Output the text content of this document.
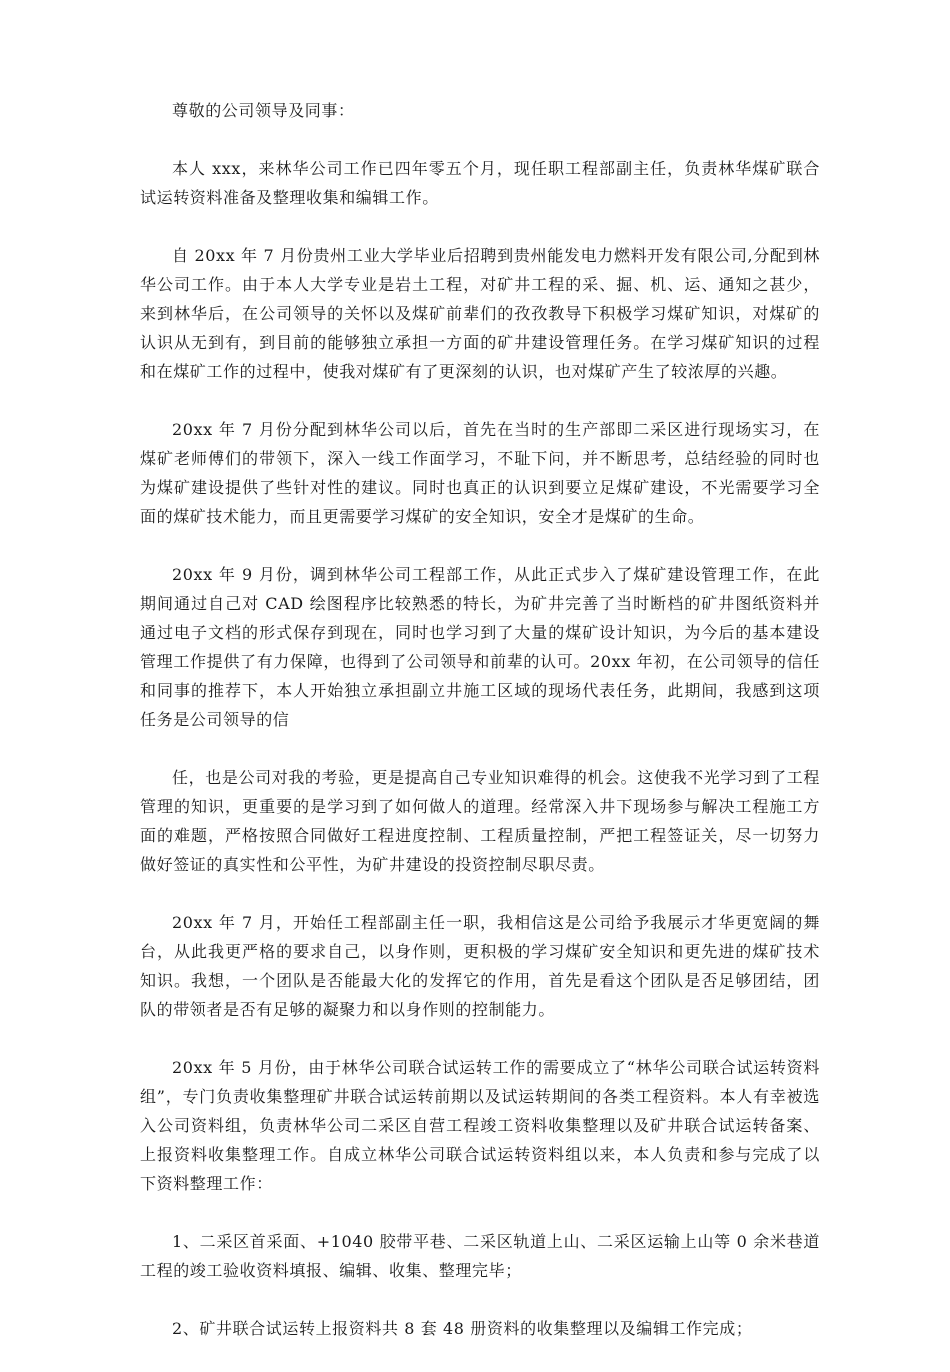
尊敬的公司领导及同事：

本人 xxx，来林华公司工作已四年零五个月，现任职工程部副主任，负责林华煤矿联合试运转资料准备及整理收集和编辑工作。

自 20xx 年 7 月份贵州工业大学毕业后招聘到贵州能发电力燃料开发有限公司,分配到林华公司工作。由于本人大学专业是岩土工程，对矿井工程的采、掘、机、运、通知之甚少，来到林华后，在公司领导的关怀以及煤矿前辈们的孜孜教导下积极学习煤矿知识，对煤矿的认识从无到有，到目前的能够独立承担一方面的矿井建设管理任务。在学习煤矿知识的过程和在煤矿工作的过程中，使我对煤矿有了更深刻的认识，也对煤矿产生了较浓厚的兴趣。

20xx 年 7 月份分配到林华公司以后，首先在当时的生产部即二采区进行现场实习，在煤矿老师傅们的带领下，深入一线工作面学习，不耻下问，并不断思考，总结经验的同时也为煤矿建设提供了些针对性的建议。同时也真正的认识到要立足煤矿建设，不光需要学习全面的煤矿技术能力，而且更需要学习煤矿的安全知识，安全才是煤矿的生命。

20xx 年 9 月份，调到林华公司工程部工作，从此正式步入了煤矿建设管理工作，在此期间通过自己对 CAD 绘图程序比较熟悉的特长，为矿井完善了当时断档的矿井图纸资料并通过电子文档的形式保存到现在，同时也学习到了大量的煤矿设计知识，为今后的基本建设管理工作提供了有力保障，也得到了公司领导和前辈的认可。20xx 年初，在公司领导的信任和同事的推荐下，本人开始独立承担副立井施工区域的现场代表任务，此期间，我感到这项任务是公司领导的信

任，也是公司对我的考验，更是提高自己专业知识难得的机会。这使我不光学习到了工程管理的知识，更重要的是学习到了如何做人的道理。经常深入井下现场参与解决工程施工方面的难题，严格按照合同做好工程进度控制、工程质量控制，严把工程签证关，尽一切努力做好签证的真实性和公平性，为矿井建设的投资控制尽职尽责。

20xx 年 7 月，开始任工程部副主任一职，我相信这是公司给予我展示才华更宽阔的舞台，从此我更严格的要求自己，以身作则，更积极的学习煤矿安全知识和更先进的煤矿技术知识。我想，一个团队是否能最大化的发挥它的作用，首先是看这个团队是否足够团结，团队的带领者是否有足够的凝聚力和以身作则的控制能力。

20xx 年 5 月份，由于林华公司联合试运转工作的需要成立了“林华公司联合试运转资料组”，专门负责收集整理矿井联合试运转前期以及试运转期间的各类工程资料。本人有幸被选入公司资料组，负责林华公司二采区自营工程竣工资料收集整理以及矿井联合试运转备案、上报资料收集整理工作。自成立林华公司联合试运转资料组以来，本人负责和参与完成了以下资料整理工作：

1、二采区首采面、+1040 胶带平巷、二采区轨道上山、二采区运输上山等 0 余米巷道工程的竣工验收资料填报、编辑、收集、整理完毕；

2、矿井联合试运转上报资料共 8 套 48 册资料的收集整理以及编辑工作完成；
